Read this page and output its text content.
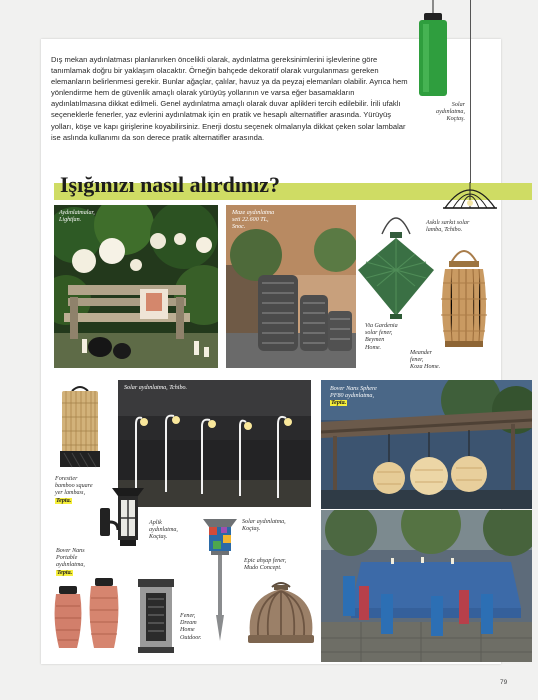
Solar
aydınlatma,
Koçtaş.

Dış mekan aydınlatması planlanırken öncelikli olarak, aydınlatma gereksinimlerini işlevlerine göre tanımlamak doğru bir yaklaşım olacaktır. Örneğin bahçede dekoratif olarak vurgulanması gereken elemanların belirlenmesi gerekir. Bunlar ağaçlar, çalılar, havuz ya da peyzaj elemanları olabilir. Ayrıca hem yönlendirme hem de güvenlik amaçlı olarak yürüyüş yollarının ve varsa eğer basamakların aydınlatılmasına dikkat edilmeli. Genel aydınlatma amaçlı olarak duvar aplikleri tercih edilebilir. İrili ufaklı seçeneklerle fenerler, yaz evlerini aydınlatmak için en pratik ve hesaplı alternatifler arasında. Yürüyüş yolları, köşe ve kapı girişlerine koyabilirsiniz. Enerji dostu seçenek olmalarıyla dikkat çeken solar lambalar ise aslında kullanımı da son derece pratik alternatifler arasında.

Işığınızı nasıl alırdınız?

Aydınlatmalar,
Lightfan.

Maze aydınlatma
seti 22.600 TL,
Snoc.

Via Gardenia
solar fener,
Beymen
Home.

Askılı sarkıt solar
lamba, Tchibo.

Meander
fener,
Koza Home.

Forestier
bamboo square
yer lambası,
Tepta.

Solar aydınlatma, Tchibo.	Bover Nans Sphere
PF80 aydınlatma,
Tepta.

Aplik
aydınlatma,
Koçtaş.

Solar aydınlatma,
Koçtaş.

Epic ahşap fener,
Mudo Concept.

Bover Nans
Portable
aydınlatma,
Tepta.

Fener,
Dream
Home
Outdoor.

79
